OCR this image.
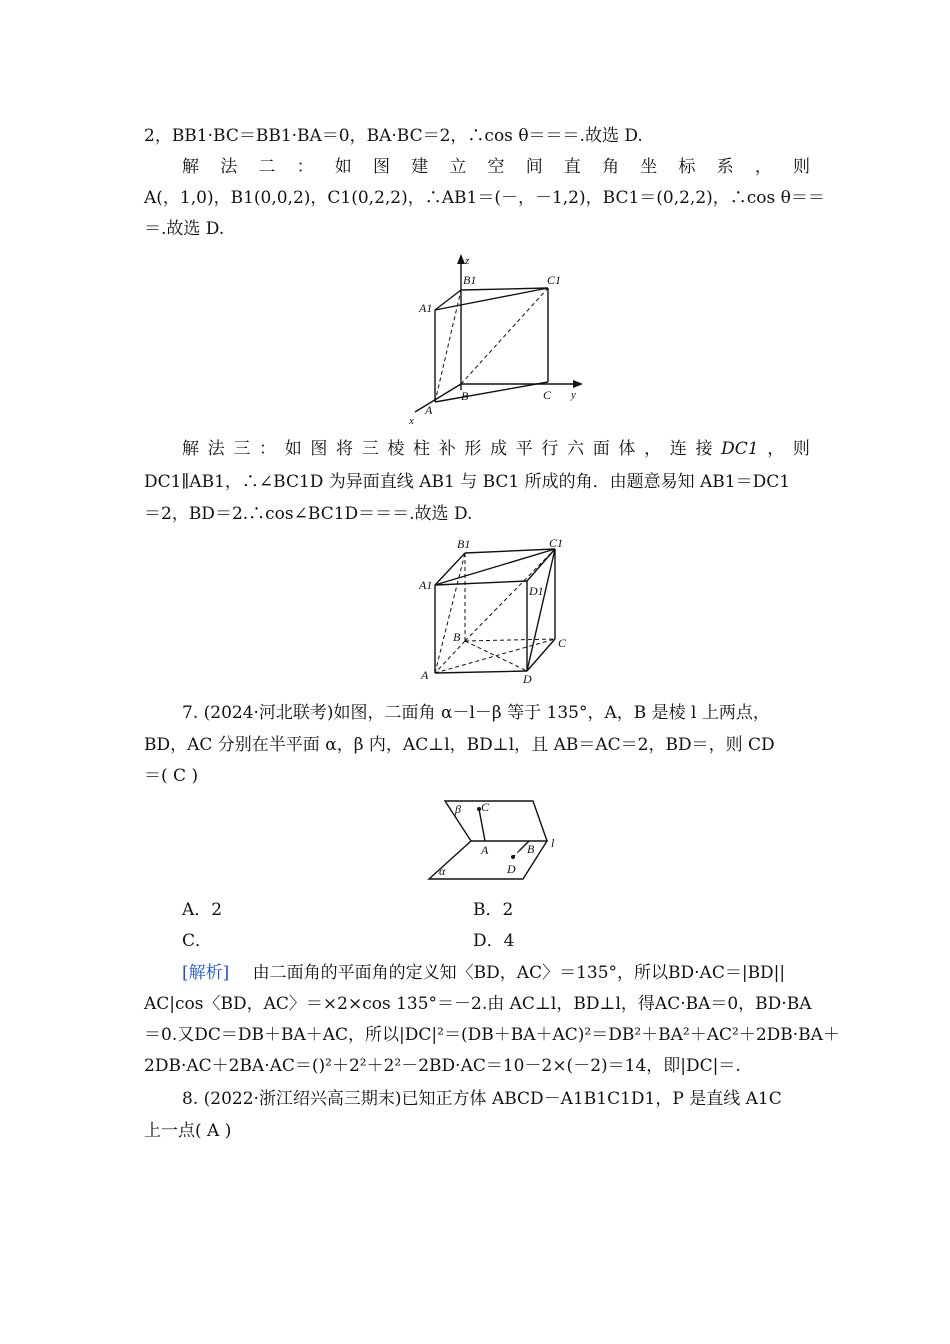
2，BB1·BC＝BB1·BA＝0，BA·BC＝2，∴cos θ＝＝＝.故选 D.
解 法 二 ： 如 图 建 立 空 间 直 角 坐 标 系 ， 则
A(，1,0)，B1(0,0,2)，C1(0,2,2)，∴AB1＝(－，－1,2)，BC1＝(0,2,2)，∴cos θ＝＝
＝.故选 D.
z
y
x
A
B	C
A1
B1	C1
解 法 三 ： 如 图 将 三 棱 柱 补 形 成 平 行 六 面 体 ， 连 接 DC1 ， 则
DC1∥AB1，∴∠BC1D 为异面直线 AB1 与 BC1 所成的角．由题意易知 AB1＝DC1
＝2，BD＝2.∴cos∠BC1D＝＝＝.故选 D.
A
B	C
D
A1
B1	C1
D1
7. (2024·河北联考)如图，二面角 α－l－β 等于 135°，A，B 是棱 l 上两点，
BD，AC 分别在半平面 α，β 内，AC⊥l，BD⊥l，且 AB＝AC＝2，BD＝，则 CD
＝( C )
β
α
l
A	B
C
D
A．2	B．2
C．	D．4
[解析] 由二面角的平面角的定义知〈BD，AC〉＝135°，所以BD·AC＝|BD||
AC|cos〈BD，AC〉＝×2×cos 135°＝－2.由 AC⊥l，BD⊥l，得AC·BA＝0，BD·BA
＝0.又DC＝DB＋BA＋AC，所以|DC|²＝(DB＋BA＋AC)²＝DB²＋BA²＋AC²＋2DB·BA＋
2DB·AC＋2BA·AC＝()²＋2²＋2²－2BD·AC＝10－2×(－2)＝14，即|DC|＝.
8. (2022·浙江绍兴高三期末)已知正方体 ABCD－A1B1C1D1，P 是直线 A1C
上一点( A )
